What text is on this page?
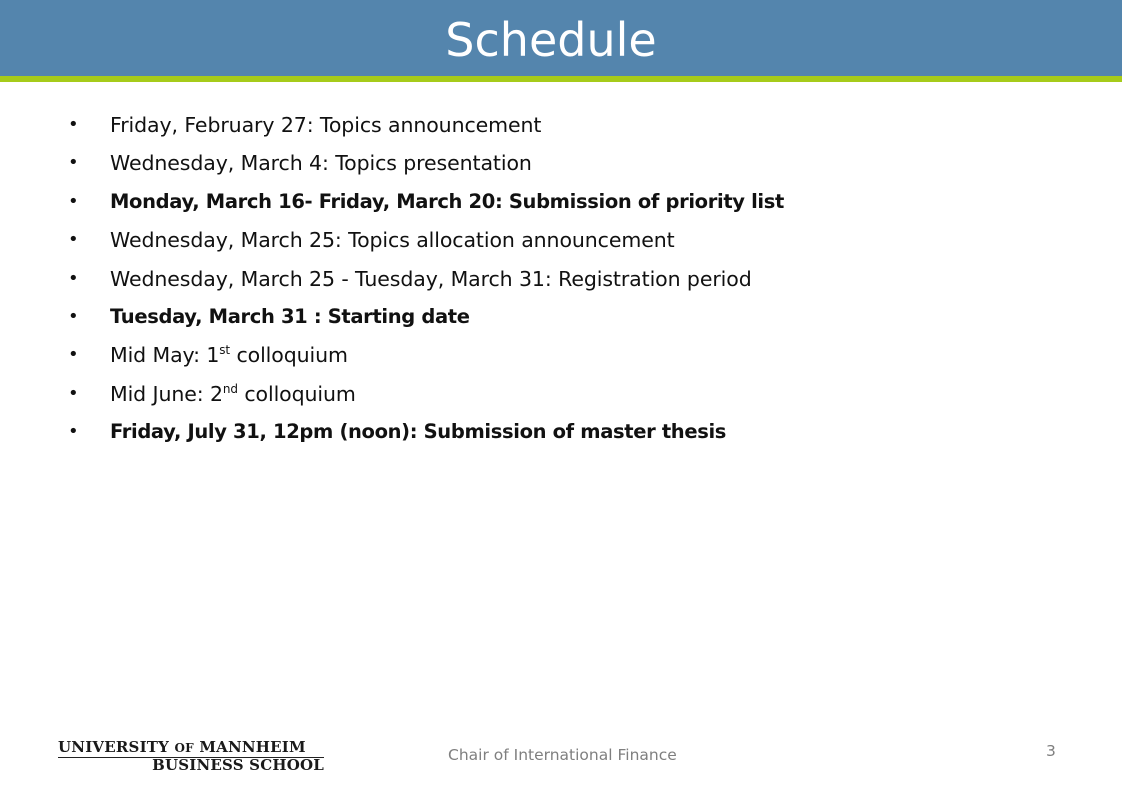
Schedule
• Friday, February 27: Topics announcement
• Wednesday, March 4: Topics presentation
• Monday, March 16- Friday, March 20: Submission of priority list
• Wednesday, March 25: Topics allocation announcement
• Wednesday, March 25 - Tuesday, March 31: Registration period
• Tuesday, March 31 : Starting date
• Mid May: 1st colloquium
• Mid June: 2nd colloquium
• Friday, July 31, 12pm (noon): Submission of master thesis
UNIVERSITY OF MANNHEIM
BUSINESS SCHOOL
Chair of International Finance	3
